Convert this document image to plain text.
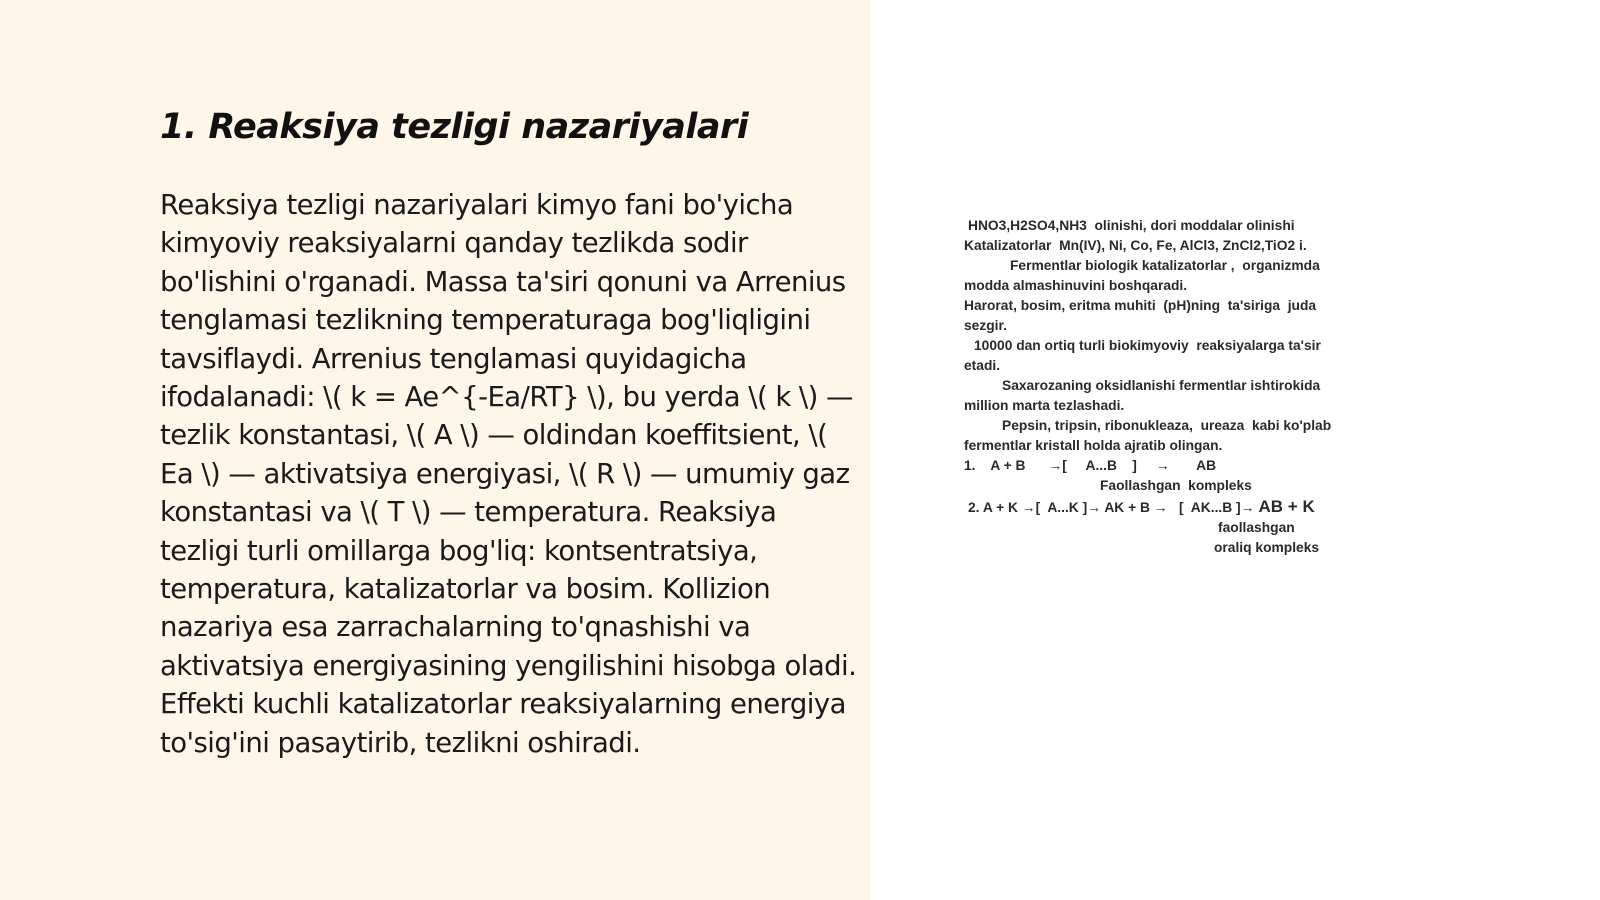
1. Reaksiya tezligi nazariyalari

Reaksiya tezligi nazariyalari kimyo fani bo'yicha kimyoviy reaksiyalarni qanday tezlikda sodir bo'lishini o'rganadi. Massa ta'siri qonuni va Arrenius tenglamasi tezlikning temperaturaga bog'liqligini tavsiflaydi. Arrenius tenglamasi quyidagicha ifodalanadi: \( k = Ae^{-Ea/RT} \), bu yerda \( k \) — tezlik konstantasi, \( A \) — oldindan koeffitsient, \( Ea \) — aktivatsiya energiyasi, \( R \) — umumiy gaz konstantasi va \( T \) — temperatura. Reaksiya tezligi turli omillarga bog'liq: kontsentratsiya, temperatura, katalizatorlar va bosim. Kollizion nazariya esa zarrachalarning to'qnashishi va aktivatsiya energiyasining yengilishini hisobga oladi. Effekti kuchli katalizatorlar reaksiyalarning energiya to'sig'ini pasaytirib, tezlikni oshiradi.

HNO3,H2SO4,NH3  olinishi, dori moddalar olinishi
Katalizatorlar  Mn(IV), Ni, Co, Fe, AlCl3, ZnCl2,TiO2 i.
Fermentlar biologik katalizatorlar ,  organizmda
modda almashinuvini boshqaradi.
Harorat, bosim, eritma muhiti  (pH)ning  ta'siriga  juda
sezgir.
10000 dan ortiq turli biokimyoviy  reaksiyalarga ta'sir
etadi.
Saxarozaning oksidlanishi fermentlar ishtirokida
million marta tezlashadi.
Pepsin, tripsin, ribonukleaza,  ureaza  kabi ko'plab
fermentlar kristall holda ajratib olingan.
1.    A + B      →[     A...B    ]     →       AB
Faollashgan  kompleks
2. A + K →[  A...K ]→ AK + B →   [  AK...B ]→ AB + K
faollashgan
oraliq kompleks
